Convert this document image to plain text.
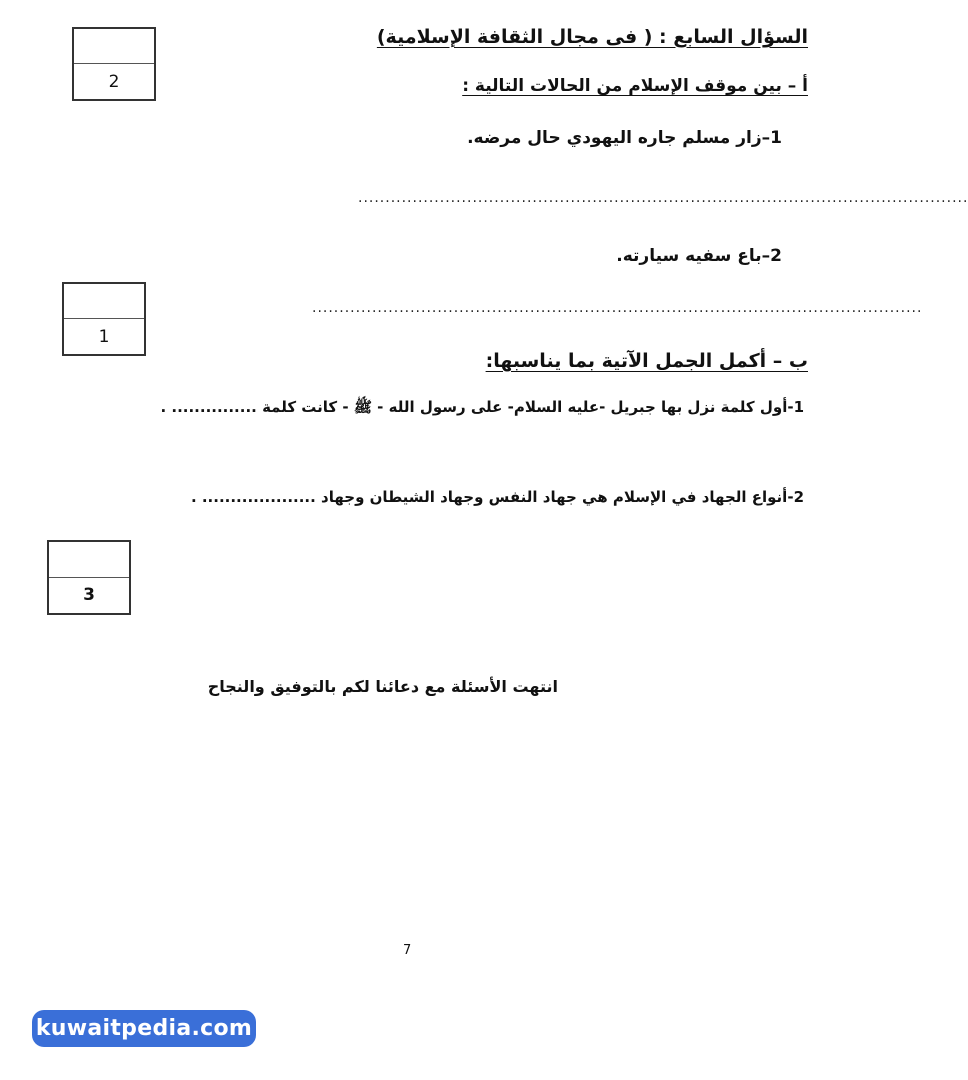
2
1
3
السؤال السابع : ( فى مجال الثقافة الإسلامية)
أ – بين موقف الإسلام من الحالات التالية :
1–زار مسلم جاره اليهودي حال مرضه.
................................................................................................................
2–باع سفيه سيارته.
................................................................................................................
ب – أكمل الجمل الآتية بما يناسبها:
1-أول كلمة نزل بها جبريل -عليه السلام- على رسول الله - ﷺ - كانت كلمة ............... .
2-أنواع الجهاد في الإسلام هي جهاد النفس وجهاد الشيطان وجهاد .................... .
انتهت الأسئلة مع دعائنا لكم بالتوفيق والنجاح
7
kuwaitpedia.com
